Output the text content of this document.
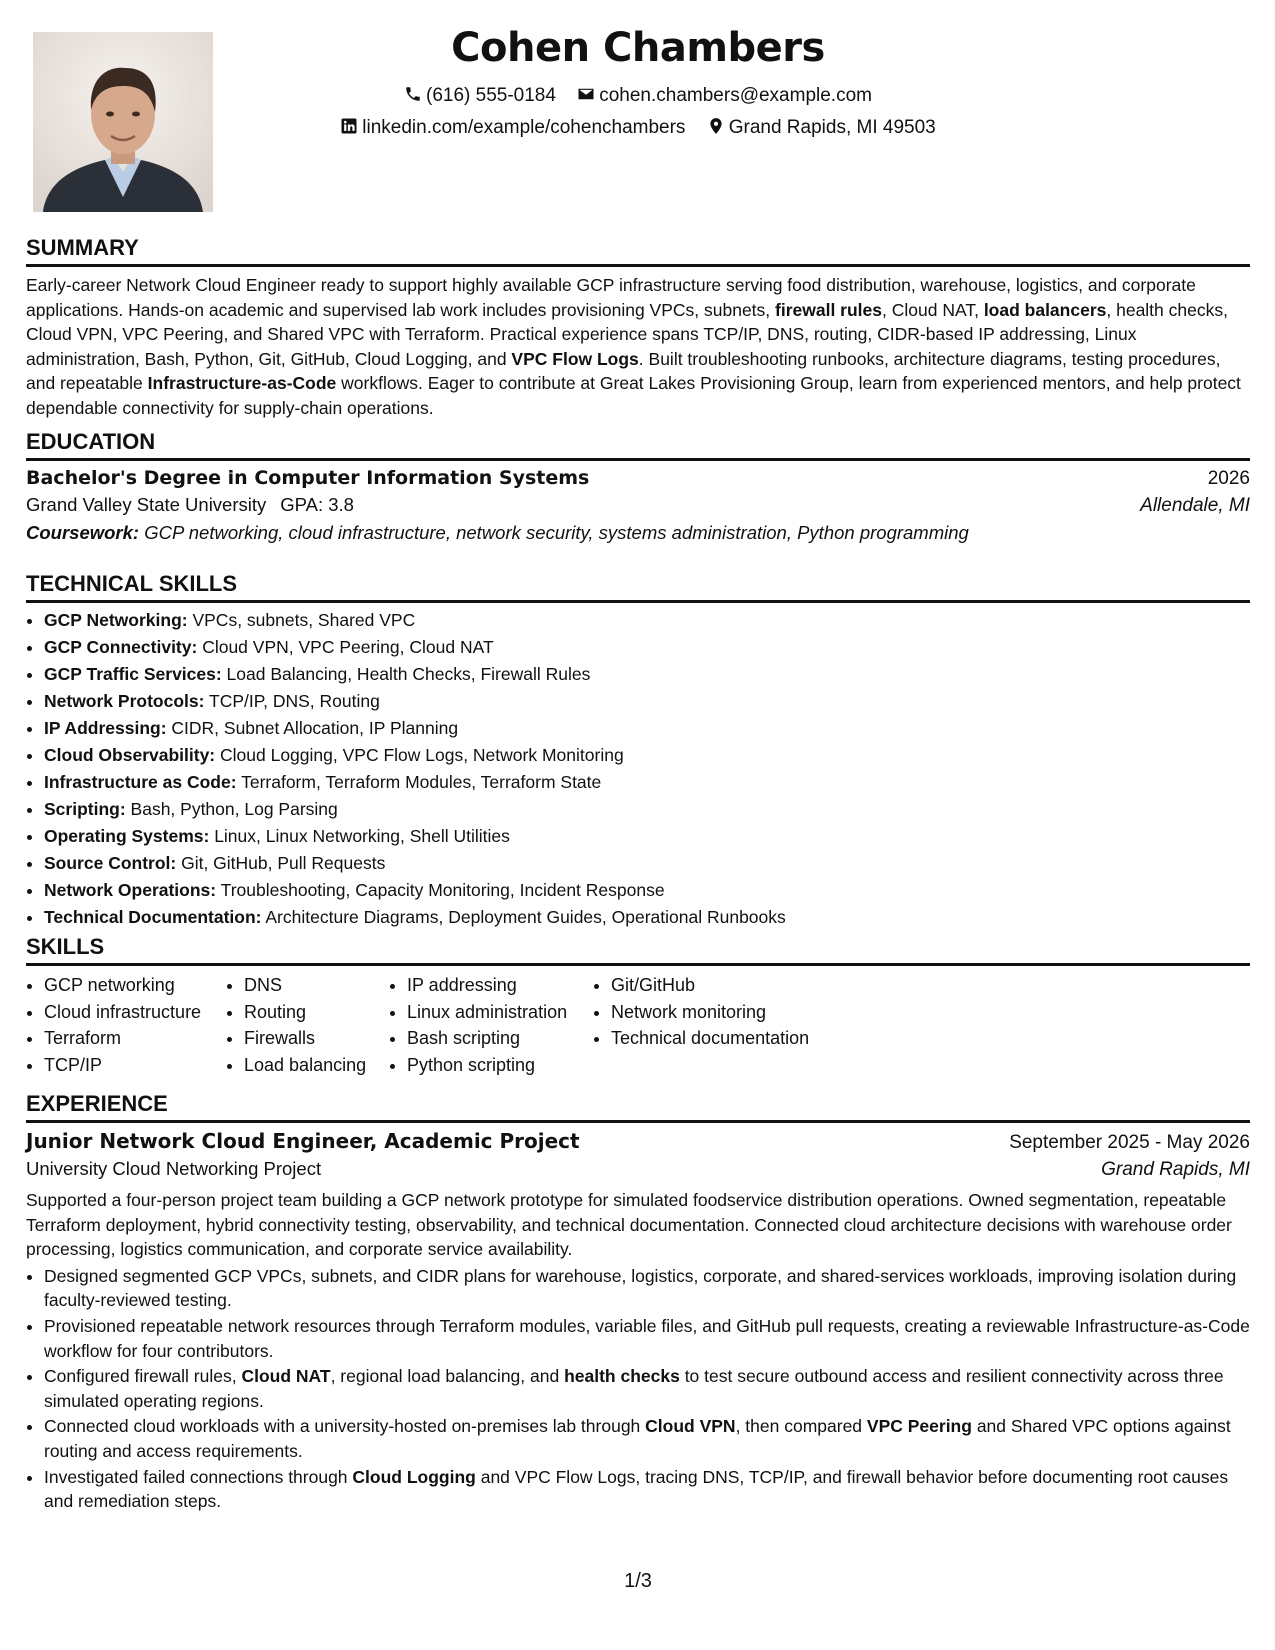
Cohen Chambers
(616) 555-0184 cohen.chambers@example.com
linkedin.com/example/cohenchambers Grand Rapids, MI 49503
SUMMARY

Early-career Network Cloud Engineer ready to support highly available GCP infrastructure serving food distribution, warehouse, logistics, and corporate applications. Hands-on academic and supervised lab work includes provisioning VPCs, subnets, firewall rules, Cloud NAT, load balancers, health checks, Cloud VPN, VPC Peering, and Shared VPC with Terraform. Practical experience spans TCP/IP, DNS, routing, CIDR-based IP addressing, Linux administration, Bash, Python, Git, GitHub, Cloud Logging, and VPC Flow Logs. Built troubleshooting runbooks, architecture diagrams, testing procedures, and repeatable Infrastructure-as-Code workflows. Eager to contribute at Great Lakes Provisioning Group, learn from experienced mentors, and help protect dependable connectivity for supply-chain operations.

EDUCATION
Bachelor's Degree in Computer Information Systems	2026
Grand Valley State University GPA: 3.8	Allendale, MI
Coursework: GCP networking, cloud infrastructure, network security, systems administration, Python programming
TECHNICAL SKILLS
• GCP Networking: VPCs, subnets, Shared VPC
• GCP Connectivity: Cloud VPN, VPC Peering, Cloud NAT
• GCP Traffic Services: Load Balancing, Health Checks, Firewall Rules
• Network Protocols: TCP/IP, DNS, Routing
• IP Addressing: CIDR, Subnet Allocation, IP Planning
• Cloud Observability: Cloud Logging, VPC Flow Logs, Network Monitoring
• Infrastructure as Code: Terraform, Terraform Modules, Terraform State
• Scripting: Bash, Python, Log Parsing
• Operating Systems: Linux, Linux Networking, Shell Utilities
• Source Control: Git, GitHub, Pull Requests
• Network Operations: Troubleshooting, Capacity Monitoring, Incident Response
• Technical Documentation: Architecture Diagrams, Deployment Guides, Operational Runbooks
SKILLS
• GCP networking
• Cloud infrastructure
• Terraform
• TCP/IP
• DNS
• Routing
• Firewalls
• Load balancing
• IP addressing
• Linux administration
• Bash scripting
• Python scripting
• Git/GitHub
• Network monitoring
• Technical documentation
EXPERIENCE
Junior Network Cloud Engineer, Academic Project	September 2025 - May 2026
University Cloud Networking Project	Grand Rapids, MI

Supported a four-person project team building a GCP network prototype for simulated foodservice distribution operations. Owned segmentation, repeatable Terraform deployment, hybrid connectivity testing, observability, and technical documentation. Connected cloud architecture decisions with warehouse order processing, logistics communication, and corporate service availability.

• Designed segmented GCP VPCs, subnets, and CIDR plans for warehouse, logistics, corporate, and shared-services workloads, improving isolation during faculty-reviewed testing.
• Provisioned repeatable network resources through Terraform modules, variable files, and GitHub pull requests, creating a reviewable Infrastructure-as-Code workflow for four contributors.
• Configured firewall rules, Cloud NAT, regional load balancing, and health checks to test secure outbound access and resilient connectivity across three simulated operating regions.
• Connected cloud workloads with a university-hosted on-premises lab through Cloud VPN, then compared VPC Peering and Shared VPC options against routing and access requirements.
• Investigated failed connections through Cloud Logging and VPC Flow Logs, tracing DNS, TCP/IP, and firewall behavior before documenting root causes and remediation steps.
1/3
